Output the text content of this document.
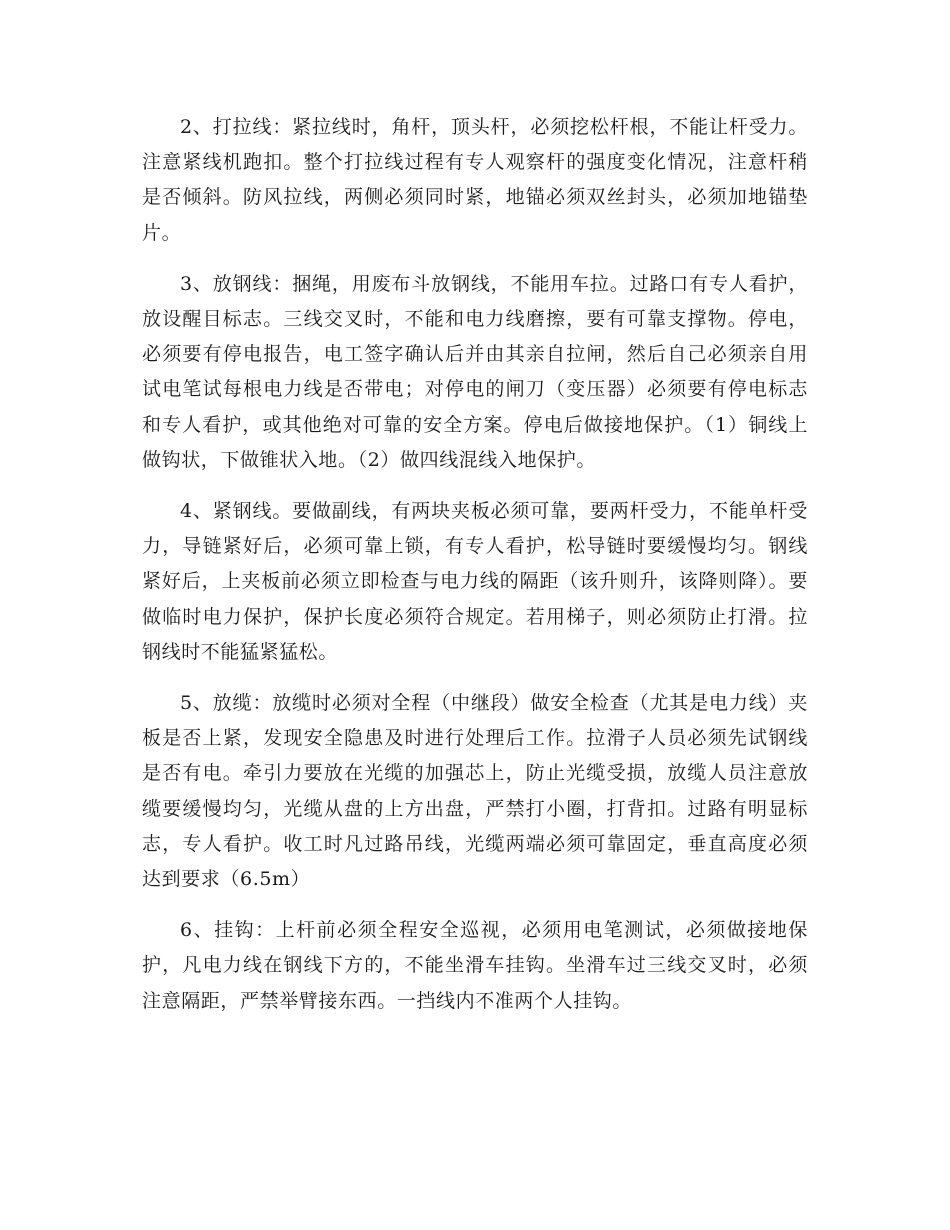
2、打拉线：紧拉线时，角杆，顶头杆，必须挖松杆根，不能让杆受力。注意紧线机跑扣。整个打拉线过程有专人观察杆的强度变化情况，注意杆稍是否倾斜。防风拉线，两侧必须同时紧，地锚必须双丝封头，必须加地锚垫片。

3、放钢线：捆绳，用废布斗放钢线，不能用车拉。过路口有专人看护，放设醒目标志。三线交叉时，不能和电力线磨擦，要有可靠支撑物。停电，必须要有停电报告，电工签字确认后并由其亲自拉闸，然后自己必须亲自用试电笔试每根电力线是否带电；对停电的闸刀（变压器）必须要有停电标志和专人看护，或其他绝对可靠的安全方案。停电后做接地保护。（1）铜线上做钩状，下做锥状入地。（2）做四线混线入地保护。

4、紧钢线。要做副线，有两块夹板必须可靠，要两杆受力，不能单杆受力，导链紧好后，必须可靠上锁，有专人看护，松导链时要缓慢均匀。钢线紧好后，上夹板前必须立即检查与电力线的隔距（该升则升，该降则降）。要做临时电力保护，保护长度必须符合规定。若用梯子，则必须防止打滑。拉钢线时不能猛紧猛松。

5、放缆：放缆时必须对全程（中继段）做安全检查（尤其是电力线）夹板是否上紧，发现安全隐患及时进行处理后工作。拉滑子人员必须先试钢线是否有电。牵引力要放在光缆的加强芯上，防止光缆受损，放缆人员注意放缆要缓慢均匀，光缆从盘的上方出盘，严禁打小圈，打背扣。过路有明显标志，专人看护。收工时凡过路吊线，光缆两端必须可靠固定，垂直高度必须达到要求（6.5m）

6、挂钩：上杆前必须全程安全巡视，必须用电笔测试，必须做接地保护，凡电力线在钢线下方的，不能坐滑车挂钩。坐滑车过三线交叉时，必须注意隔距，严禁举臂接东西。一挡线内不准两个人挂钩。
